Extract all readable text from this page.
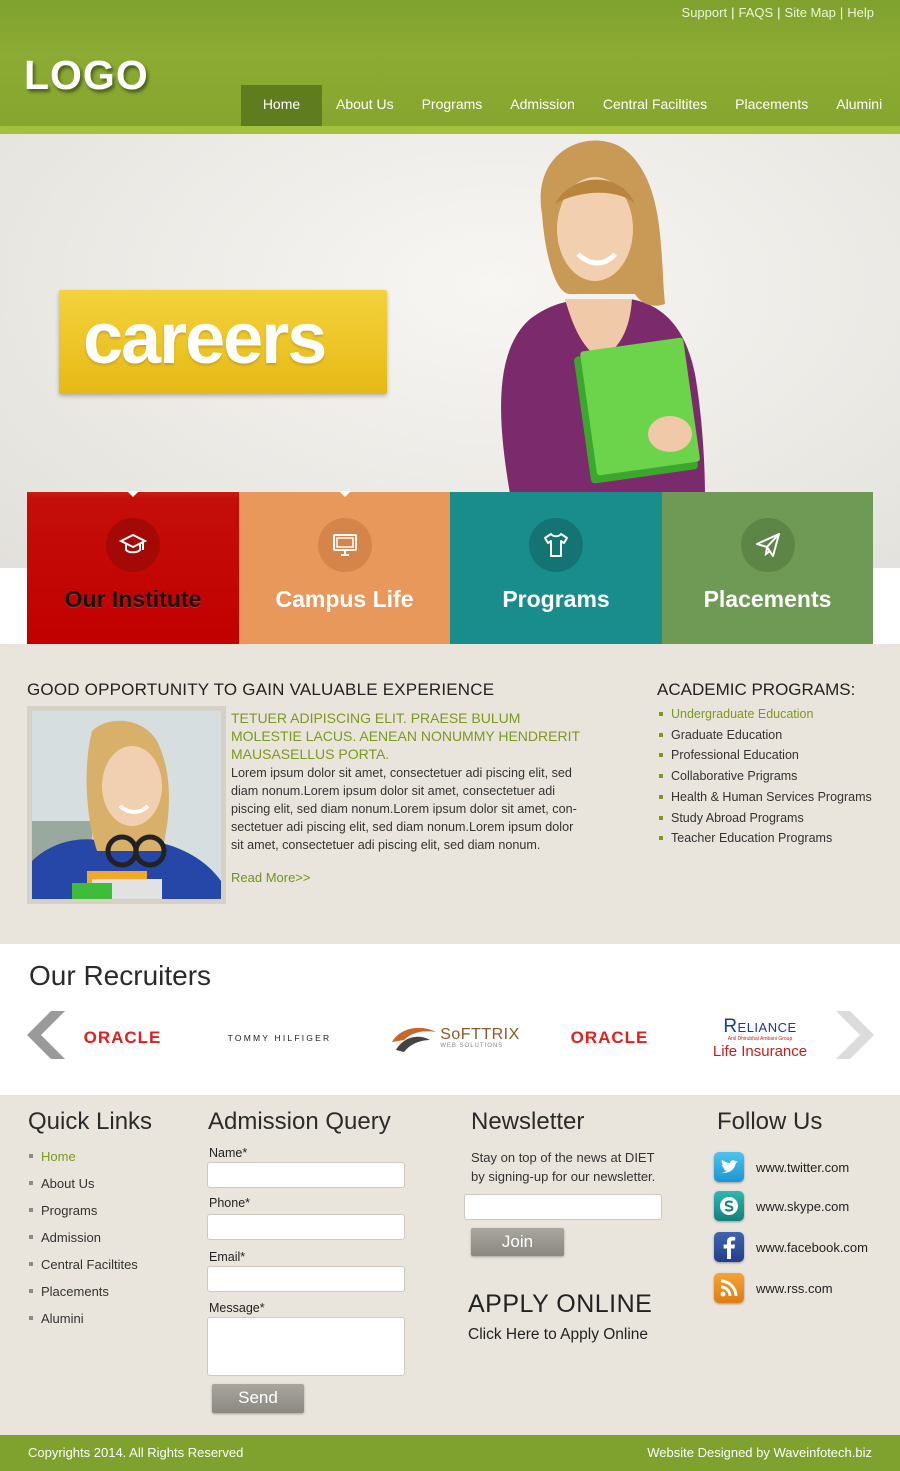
Support | FAQS | Site Map | Help
LOGO
Home	About Us	Programs	Admission	Central Faciltites	Placements	Alumini
careers
Our Institute	Campus Life	Programs	Placements
GOOD OPPORTUNITY TO GAIN VALUABLE EXPERIENCE
TETUER ADIPISCING ELIT. PRAESE BULUM MOLESTIE LACUS. AENEAN NONUMMY HENDRERIT MAUSASELLUS PORTA.
Lorem ipsum dolor sit amet, consectetuer adi piscing elit, sed diam nonum.Lorem ipsum dolor sit amet, consectetuer adi piscing elit, sed diam nonum.Lorem ipsum dolor sit amet, con-sectetuer adi piscing elit, sed diam nonum.Lorem ipsum dolor sit amet, consectetuer adi piscing elit, sed diam nonum.
Read More>>
ACADEMIC PROGRAMS:
Undergraduate Education
Graduate Education
Professional Education
Collaborative Prigrams
Health & Human Services Programs
Study Abroad Programs
Teacher Education Programs
Our Recruiters
ORACLE	TOMMY HILFIGER	SoFTTRIX
WEB SOLUTIONS	ORACLE
Reliance
Anil Dhirubhai Ambani Group
Life Insurance
Quick Links
Home
About Us
Programs
Admission
Central Faciltites
Placements
Alumini
Admission Query
Name*
Phone*
Email*
Message*
Send
Newsletter
Stay on top of the news at DIET by signing-up for our newsletter.
Join
APPLY ONLINE
Click Here to Apply Online
Follow Us
www.twitter.com
www.skype.com
www.facebook.com
www.rss.com
Copyrights 2014. All Rights Reserved	Website Designed by Waveinfotech.biz
